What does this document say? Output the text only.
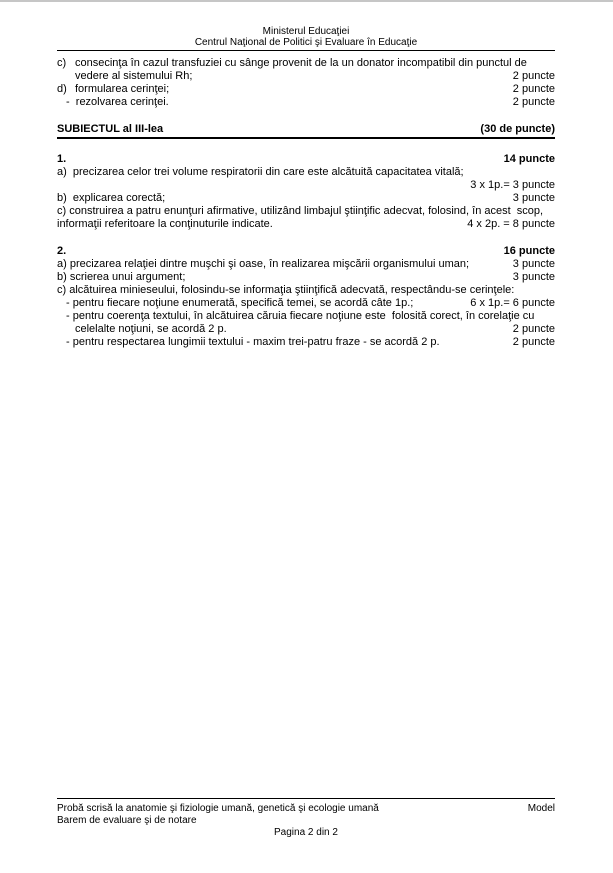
Ministerul Educaţiei
Centrul Naţional de Politici şi Evaluare în Educaţie
c) consecinţa în cazul transfuziei cu sânge provenit de la un donator incompatibil din punctul de
vedere al sistemului Rh;	2 puncte
d) formularea cerinţei;	2 puncte
-  rezolvarea cerinţei.	2 puncte
SUBIECTUL al III-lea	(30 de puncte)
1.	14 puncte
a)  precizarea celor trei volume respiratorii din care este alcătuită capacitatea vitală;
3 x 1p.= 3 puncte
b)  explicarea corectă;	3 puncte
c) construirea a patru enunţuri afirmative, utilizând limbajul ştiinţific adecvat, folosind, în acest  scop,
informaţii referitoare la conţinuturile indicate.	4 x 2p. = 8 puncte
2.	16 puncte
a) precizarea relaţiei dintre muşchi şi oase, în realizarea mişcării organismului uman;	3 puncte
b) scrierea unui argument;	3 puncte
c) alcătuirea minieseului, folosindu-se informaţia ştiinţifică adecvată, respectându-se cerinţele:
- pentru fiecare noţiune enumerată, specifică temei, se acordă câte 1p.;	6 x 1p.= 6 puncte
- pentru coerenţa textului, în alcătuirea căruia fiecare noţiune este  folosită corect, în corelaţie cu
celelalte noţiuni, se acordă 2 p.	2 puncte
- pentru respectarea lungimii textului - maxim trei-patru fraze - se acordă 2 p.	2 puncte
Probă scrisă la anatomie şi fiziologie umană, genetică şi ecologie umană	Model
Barem de evaluare şi de notare
Pagina 2 din 2
